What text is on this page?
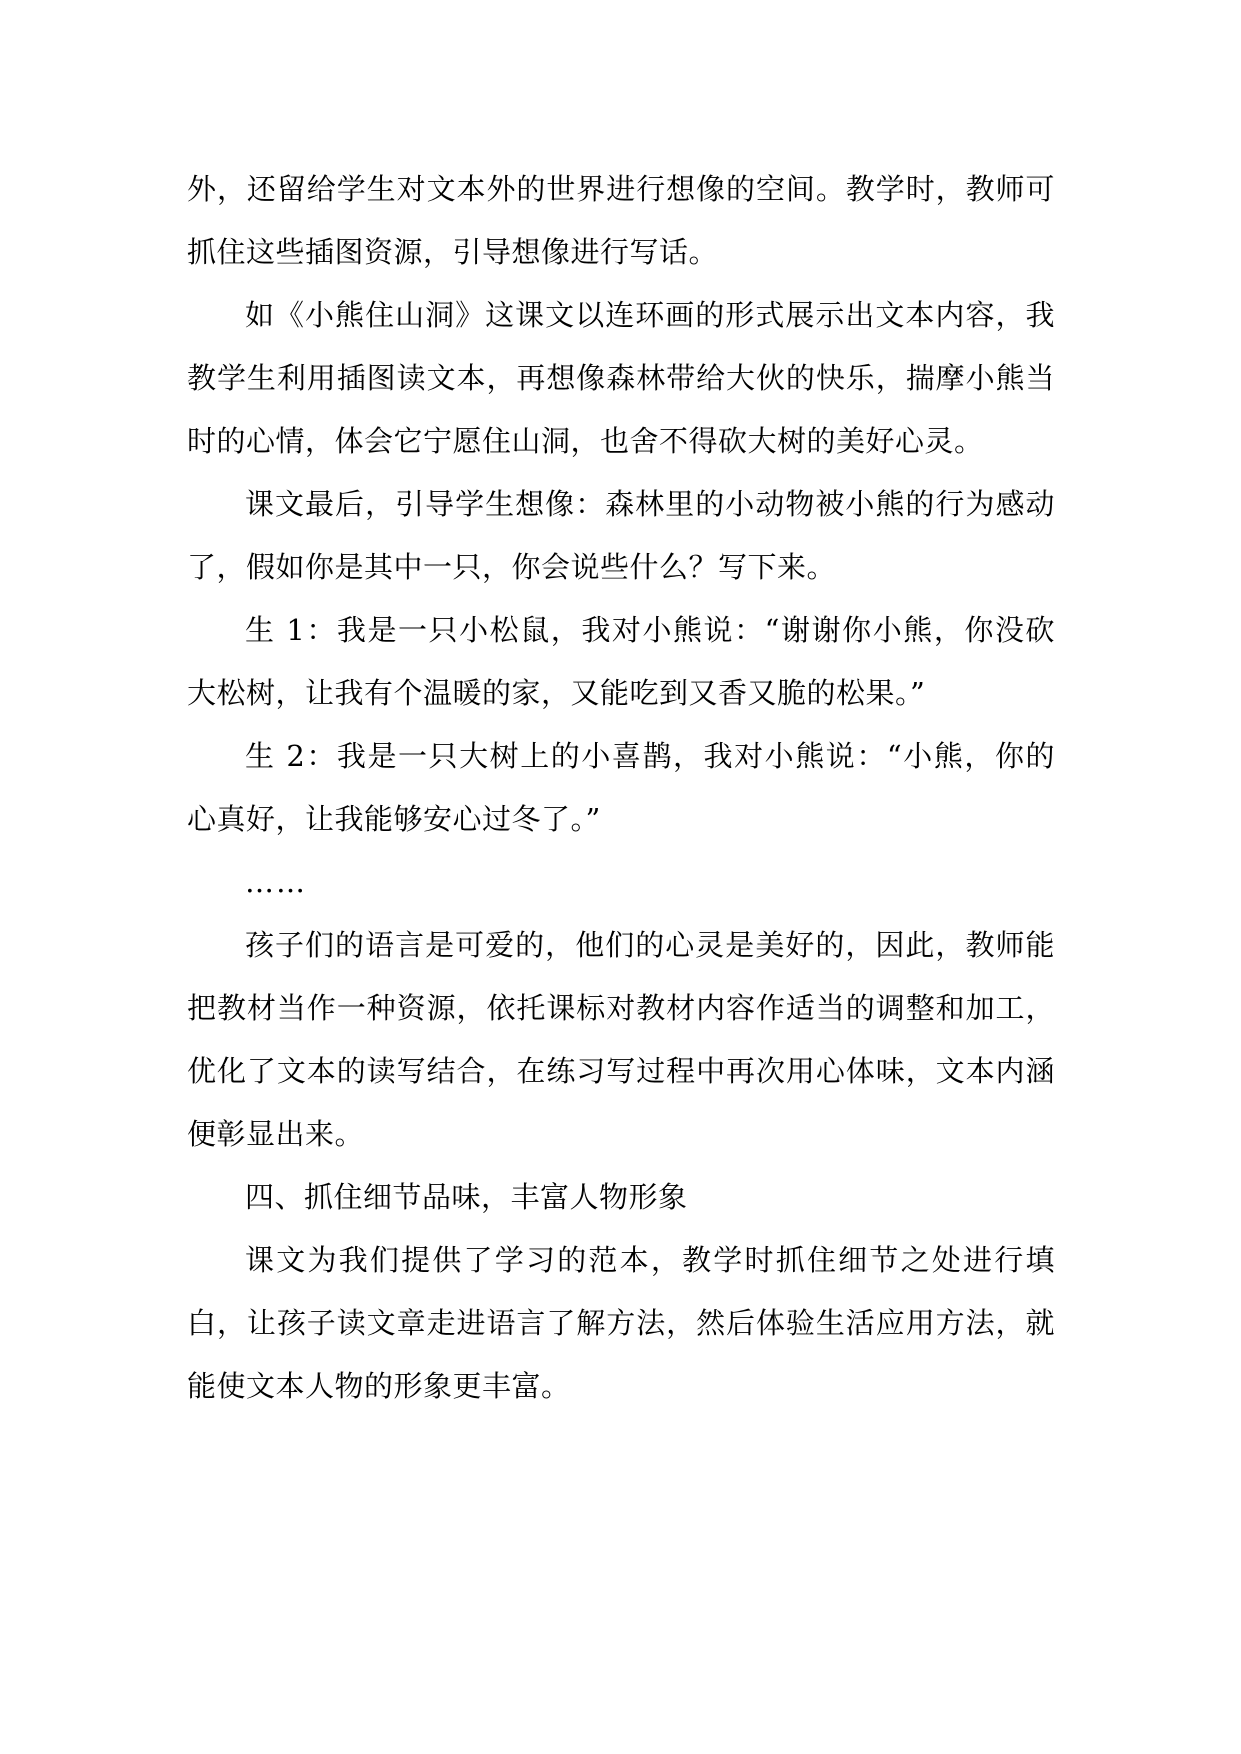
外，还留给学生对文本外的世界进行想像的空间。教学时，教师可抓住这些插图资源，引导想像进行写话。

如《小熊住山洞》这课文以连环画的形式展示出文本内容，我教学生利用插图读文本，再想像森林带给大伙的快乐，揣摩小熊当时的心情，体会它宁愿住山洞，也舍不得砍大树的美好心灵。

课文最后，引导学生想像：森林里的小动物被小熊的行为感动了，假如你是其中一只，你会说些什么？写下来。

生 1：我是一只小松鼠，我对小熊说：“谢谢你小熊，你没砍大松树，让我有个温暖的家，又能吃到又香又脆的松果。”

生 2：我是一只大树上的小喜鹊，我对小熊说：“小熊，你的心真好，让我能够安心过冬了。”

……

孩子们的语言是可爱的，他们的心灵是美好的，因此，教师能把教材当作一种资源，依托课标对教材内容作适当的调整和加工，优化了文本的读写结合，在练习写过程中再次用心体味，文本内涵便彰显出来。

四、抓住细节品味，丰富人物形象

课文为我们提供了学习的范本，教学时抓住细节之处进行填白，让孩子读文章走进语言了解方法，然后体验生活应用方法，就能使文本人物的形象更丰富。
